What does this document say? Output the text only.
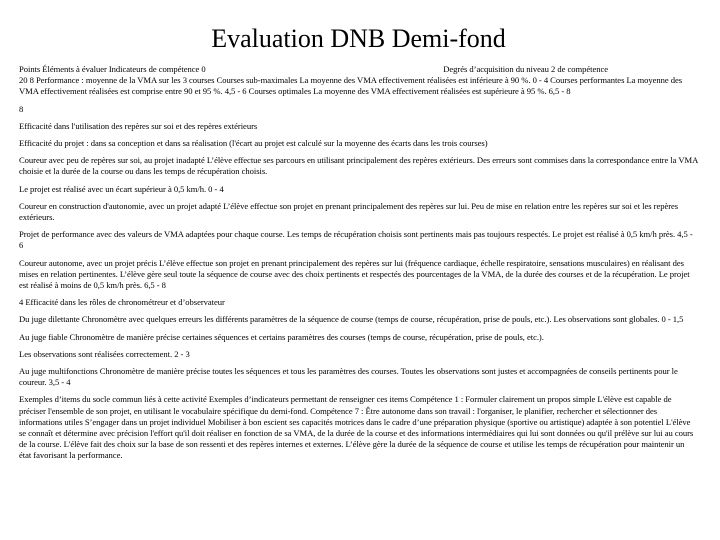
Evaluation DNB Demi-fond
Points Éléments à évaluer Indicateurs de compétence 0	Degrés d’acquisition du niveau 2 de compétence

20 8 Performance : moyenne de la VMA sur les 3 courses Courses sub-maximales La moyenne des VMA effectivement réalisées est inférieure à 90 %. 0 - 4 Courses performantes La moyenne des VMA effectivement réalisées est comprise entre 90 et 95 %. 4,5 - 6 Courses optimales La moyenne des VMA effectivement réalisées est supérieure à 95 %. 6,5 - 8

8

Efficacité dans l'utilisation des repères sur soi et des repères extérieurs

Efficacité du projet : dans sa conception et dans sa réalisation (l'écart au projet est calculé sur la moyenne des écarts dans les trois courses)

Coureur avec peu de repères sur soi, au projet inadapté L’élève effectue ses parcours en utilisant principalement des repères extérieurs. Des erreurs sont commises dans la correspondance entre la VMA choisie et la durée de la course ou dans les temps de récupération choisis.

Le projet est réalisé avec un écart supérieur à 0,5 km/h. 0 - 4

Coureur en construction d'autonomie, avec un projet adapté L’élève effectue son projet en prenant principalement des repères sur lui. Peu de mise en relation entre les repères sur soi et les repères extérieurs.

Projet de performance avec des valeurs de VMA adaptées pour chaque course. Les temps de récupération choisis sont pertinents mais pas toujours respectés. Le projet est réalisé à 0,5 km/h près. 4,5 - 6

Coureur autonome, avec un projet précis L’élève effectue son projet en prenant principalement des repères sur lui (fréquence cardiaque, échelle respiratoire, sensations musculaires) en réalisant des mises en relation pertinentes. L’élève gère seul toute la séquence de course avec des choix pertinents et respectés des pourcentages de la VMA, de la durée des courses et de la récupération. Le projet est réalisé à moins de 0,5 km/h près. 6,5 - 8

4 Efficacité dans les rôles de chronométreur et d’observateur

Du juge dilettante Chronomètre avec quelques erreurs les différents paramètres de la séquence de course (temps de course, récupération, prise de pouls, etc.). Les observations sont globales. 0 - 1,5

Au juge fiable Chronomètre de manière précise certaines séquences et certains paramètres des courses (temps de course, récupération, prise de pouls, etc.).

Les observations sont réalisées correctement. 2 - 3

Au juge multifonctions Chronomètre de manière précise toutes les séquences et tous les paramètres des courses. Toutes les observations sont justes et accompagnées de conseils pertinents pour le coureur. 3,5 - 4

Exemples d’items du socle commun liés à cette activité Exemples d’indicateurs permettant de renseigner ces items Compétence 1 : Formuler clairement un propos simple L'élève est capable de préciser l'ensemble de son projet, en utilisant le vocabulaire spécifique du demi-fond. Compétence 7 : Être autonome dans son travail : l'organiser, le planifier, rechercher et sélectionner des informations utiles S’engager dans un projet individuel Mobiliser à bon escient ses capacités motrices dans le cadre d’une préparation physique (sportive ou artistique) adaptée à son potentiel L'élève se connaît et détermine avec précision l'effort qu'il doit réaliser en fonction de sa VMA, de la durée de la course et des informations intermédiaires qui lui sont données ou qu'il prélève sur lui au cours de la course. L'élève fait des choix sur la base de son ressenti et des repères internes et externes. L’élève gère la durée de la séquence de course et utilise les temps de récupération pour maintenir un état favorisant la performance.
